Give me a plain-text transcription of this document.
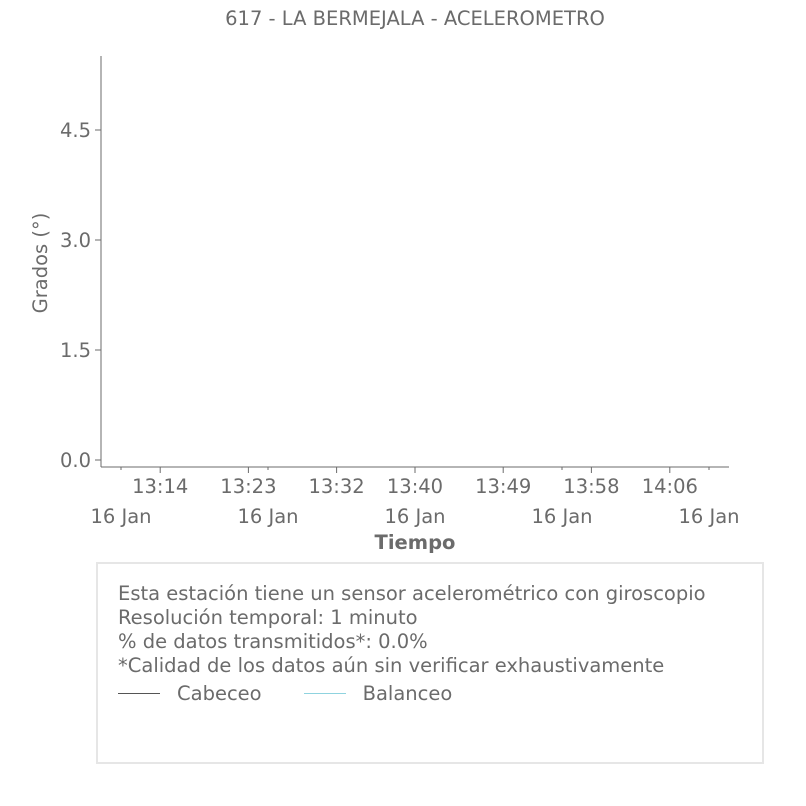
617 - LA BERMEJALA - ACELEROMETRO
0.0
1.5
3.0
4.5
13:14 13:23 13:32 13:40 13:49 13:58 14:06
16 Jan	16 Jan	16 Jan	16 Jan	16 Jan
Grados (°)
Tiempo
Esta estación tiene un sensor acelerométrico con giroscopio
Resolución temporal: 1 minuto
% de datos transmitidos*: 0.0%
*Calidad de los datos aún sin verificar exhaustivamente
Cabeceo	Balanceo
